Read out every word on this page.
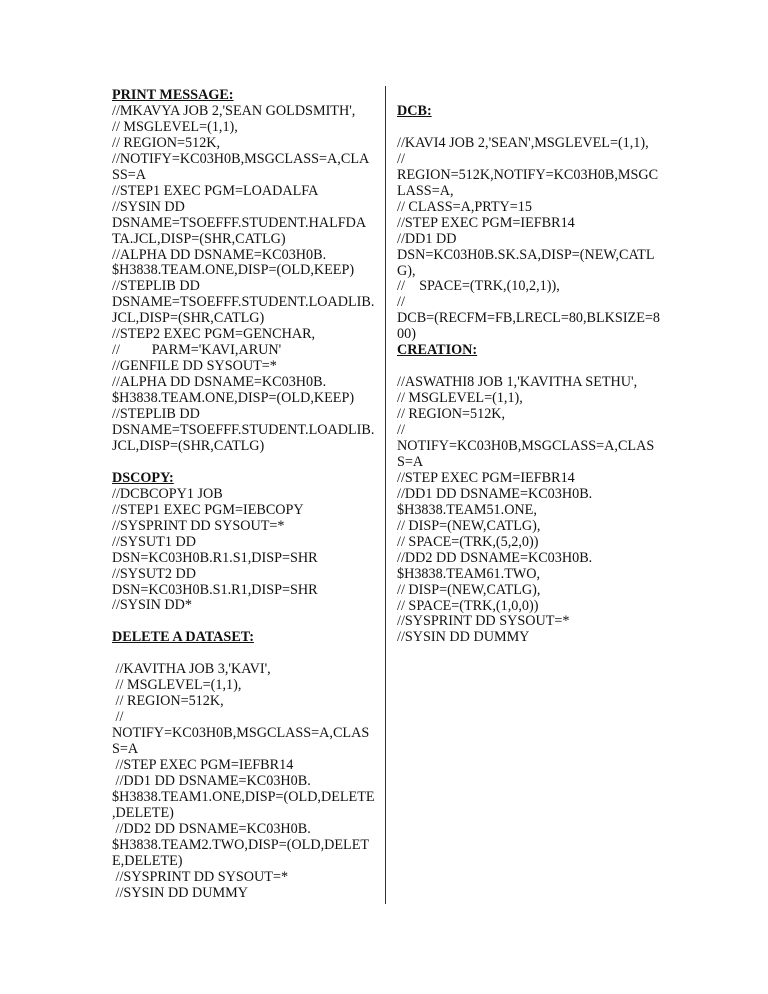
PRINT MESSAGE:
//MKAVYA JOB 2,'SEAN GOLDSMITH',
// MSGLEVEL=(1,1),
// REGION=512K,
//NOTIFY=KC03H0B,MSGCLASS=A,CLA
SS=A
//STEP1 EXEC PGM=LOADALFA
//SYSIN DD
DSNAME=TSOEFFF.STUDENT.HALFDA
TA.JCL,DISP=(SHR,CATLG)
//ALPHA DD DSNAME=KC03H0B.
$H3838.TEAM.ONE,DISP=(OLD,KEEP)
//STEPLIB DD
DSNAME=TSOEFFF.STUDENT.LOADLIB.
JCL,DISP=(SHR,CATLG)
//STEP2 EXEC PGM=GENCHAR,
//         PARM='KAVI,ARUN'
//GENFILE DD SYSOUT=*
//ALPHA DD DSNAME=KC03H0B.
$H3838.TEAM.ONE,DISP=(OLD,KEEP)
//STEPLIB DD
DSNAME=TSOEFFF.STUDENT.LOADLIB.
JCL,DISP=(SHR,CATLG)
DSCOPY:
//DCBCOPY1 JOB
//STEP1 EXEC PGM=IEBCOPY
//SYSPRINT DD SYSOUT=*
//SYSUT1 DD
DSN=KC03H0B.R1.S1,DISP=SHR
//SYSUT2 DD
DSN=KC03H0B.S1.R1,DISP=SHR
//SYSIN DD*
DELETE A DATASET:
//KAVITHA JOB 3,'KAVI',
// MSGLEVEL=(1,1),
// REGION=512K,
//
NOTIFY=KC03H0B,MSGCLASS=A,CLAS
S=A
//STEP EXEC PGM=IEFBR14
//DD1 DD DSNAME=KC03H0B.
$H3838.TEAM1.ONE,DISP=(OLD,DELETE
,DELETE)
//DD2 DD DSNAME=KC03H0B.
$H3838.TEAM2.TWO,DISP=(OLD,DELET
E,DELETE)
//SYSPRINT DD SYSOUT=*
//SYSIN DD DUMMY
DCB:
//KAVI4 JOB 2,'SEAN',MSGLEVEL=(1,1),
//
REGION=512K,NOTIFY=KC03H0B,MSGC
LASS=A,
// CLASS=A,PRTY=15
//STEP EXEC PGM=IEFBR14
//DD1 DD
DSN=KC03H0B.SK.SA,DISP=(NEW,CATL
G),
//    SPACE=(TRK,(10,2,1)),
//
DCB=(RECFM=FB,LRECL=80,BLKSIZE=8
00)
CREATION:
//ASWATHI8 JOB 1,'KAVITHA SETHU',
// MSGLEVEL=(1,1),
// REGION=512K,
//
NOTIFY=KC03H0B,MSGCLASS=A,CLAS
S=A
//STEP EXEC PGM=IEFBR14
//DD1 DD DSNAME=KC03H0B.
$H3838.TEAM51.ONE,
// DISP=(NEW,CATLG),
// SPACE=(TRK,(5,2,0))
//DD2 DD DSNAME=KC03H0B.
$H3838.TEAM61.TWO,
// DISP=(NEW,CATLG),
// SPACE=(TRK,(1,0,0))
//SYSPRINT DD SYSOUT=*
//SYSIN DD DUMMY
